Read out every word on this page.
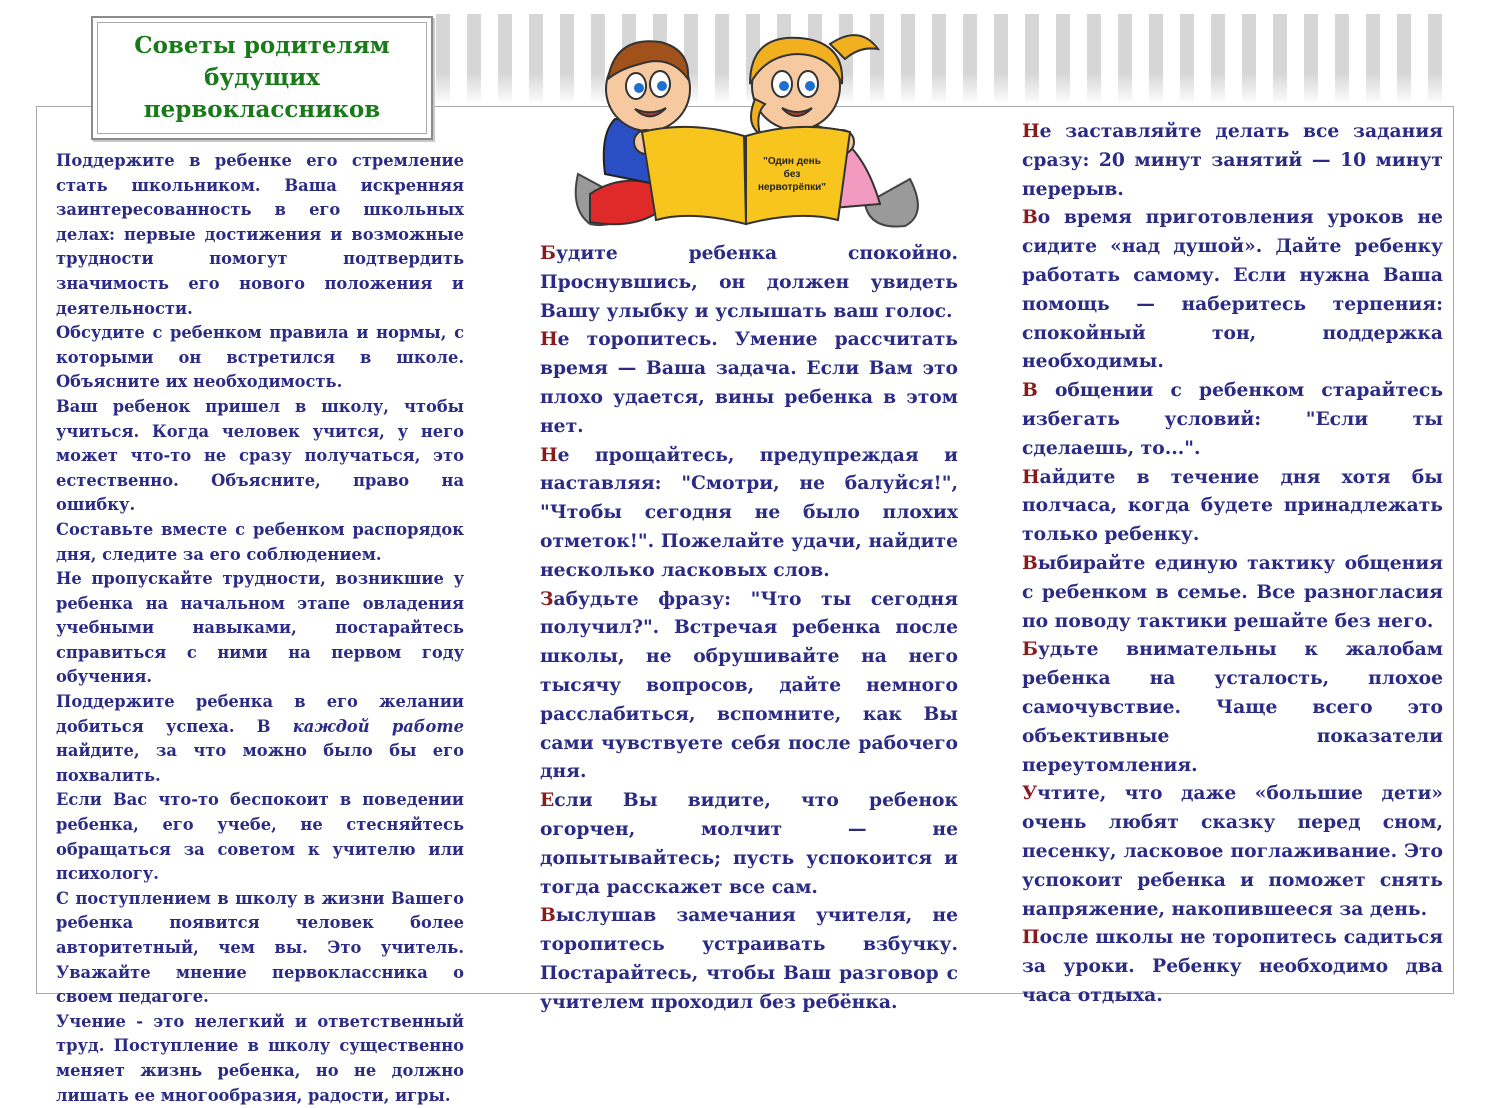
Советы родителям
будущих
первоклассников
"Один день
без
нервотрёпки"

Поддержите в ребенке его стремление стать школьником. Ваша искренняя заинтересованность в его школьных делах: первые достижения и возможные трудности помогут подтвердить значимость его нового положения и деятельности.

Обсудите с ребенком правила и нормы, с которыми он встретился в школе. Объясните их необходимость.

Ваш ребенок пришел в школу, чтобы учиться. Когда человек учится, у него может что-то не сразу получаться, это естественно. Объясните, право на ошибку.

Составьте вместе с ребенком распорядок дня, следите за его соблюдением.

Не пропускайте трудности, возникшие у ребенка на начальном этапе овладения учебными навыками, постарайтесь справиться с ними на первом году обучения.

Поддержите ребенка в его желании добиться успеха. В каждой работе найдите, за что можно было бы его похвалить.

Если Вас что-то беспокоит в поведении ребенка, его учебе, не стесняйтесь обращаться за советом к учителю или психологу.

С поступлением в школу в жизни Вашего ребенка появится человек более авторитетный, чем вы. Это учитель. Уважайте мнение первоклассника о своем педагоге.

Учение - это нелегкий и ответственный труд. Поступление в школу существенно меняет жизнь ребенка, но не должно лишать ее многообразия, радости, игры.

Будите ребенка спокойно. Проснувшись, он должен увидеть Вашу улыбку и услышать ваш голос.

Не торопитесь. Умение рассчитать время — Ваша задача. Если Вам это плохо удается, вины ребенка в этом нет.

Не прощайтесь, предупреждая и наставляя: "Смотри, не балуйся!", "Чтобы сегодня не было плохих отметок!". Пожелайте удачи, найдите несколько ласковых слов.

Забудьте фразу: "Что ты сегодня получил?". Встречая ребенка после школы, не обрушивайте на него тысячу вопросов, дайте немного расслабиться, вспомните, как Вы сами чувствуете себя после рабочего дня.

Если Вы видите, что ребенок огорчен, молчит — не допытывайтесь; пусть успокоится и тогда расскажет все сам.

Выслушав замечания учителя, не торопитесь устраивать взбучку. Постарайтесь, чтобы Ваш разговор с учителем проходил без ребёнка.

Не заставляйте делать все задания сразу: 20 минут занятий — 10 минут перерыв.

Во время приготовления уроков не сидите «над душой». Дайте ребенку работать самому. Если нужна Ваша помощь — наберитесь терпения: спокойный тон, поддержка необходимы.

В общении с ребенком старайтесь избегать условий: "Если ты сделаешь, то...".

Найдите в течение дня хотя бы полчаса, когда будете принадлежать только ребенку.

Выбирайте единую тактику общения с ребенком в семье. Все разногласия по поводу тактики решайте без него.

Будьте внимательны к жалобам ребенка на усталость, плохое самочувствие. Чаще всего это объективные показатели переутомления.

Учтите, что даже «большие дети» очень любят сказку перед сном, песенку, ласковое поглаживание. Это успокоит ребенка и поможет снять напряжение, накопившееся за день.

После школы не торопитесь садиться за уроки. Ребенку необходимо два часа отдыха.
